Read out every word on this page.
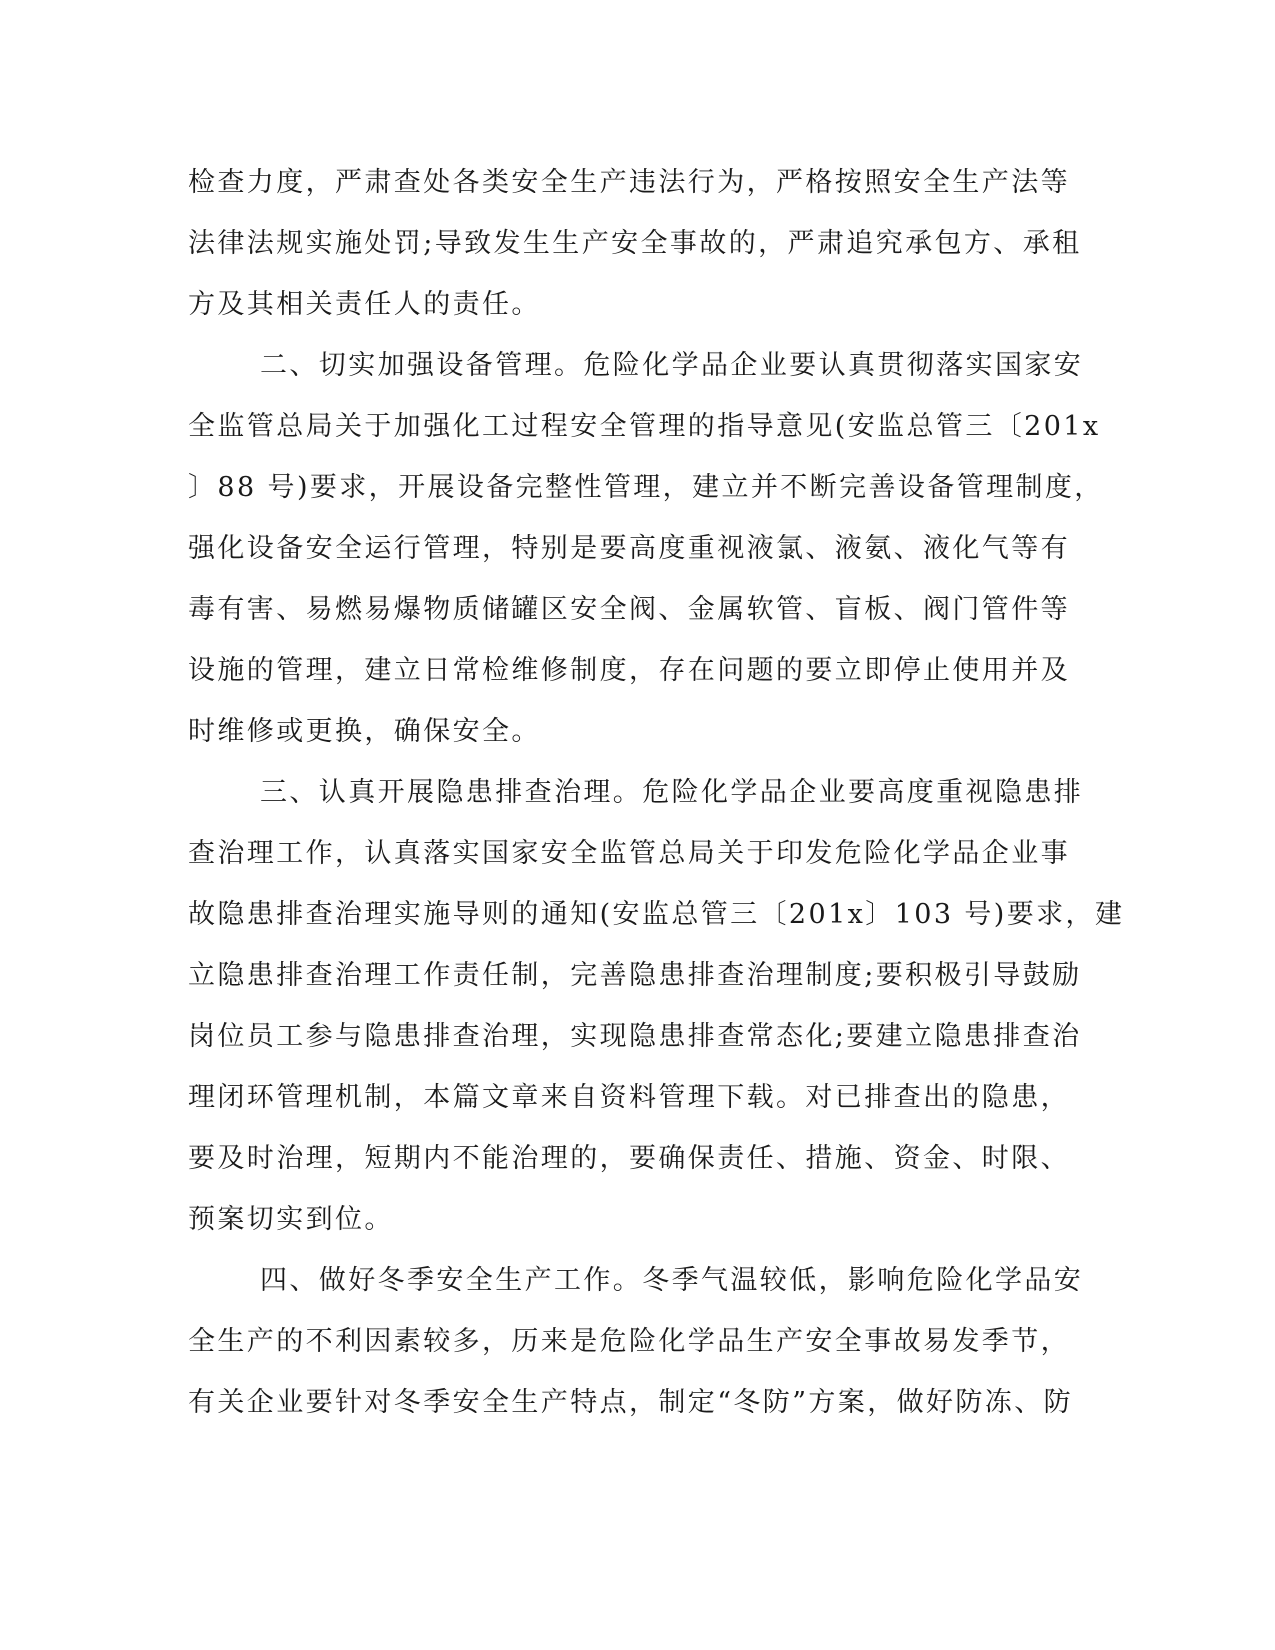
检查力度，严肃查处各类安全生产违法行为，严格按照安全生产法等
法律法规实施处罚;导致发生生产安全事故的，严肃追究承包方、承租
方及其相关责任人的责任。
二、切实加强设备管理。危险化学品企业要认真贯彻落实国家安
全监管总局关于加强化工过程安全管理的指导意见(安监总管三〔201x
〕88 号)要求，开展设备完整性管理，建立并不断完善设备管理制度，
强化设备安全运行管理，特别是要高度重视液氯、液氨、液化气等有
毒有害、易燃易爆物质储罐区安全阀、金属软管、盲板、阀门管件等
设施的管理，建立日常检维修制度，存在问题的要立即停止使用并及
时维修或更换，确保安全。
三、认真开展隐患排查治理。危险化学品企业要高度重视隐患排
查治理工作，认真落实国家安全监管总局关于印发危险化学品企业事
故隐患排查治理实施导则的通知(安监总管三〔201x〕103 号)要求，建
立隐患排查治理工作责任制，完善隐患排查治理制度;要积极引导鼓励
岗位员工参与隐患排查治理，实现隐患排查常态化;要建立隐患排查治
理闭环管理机制，本篇文章来自资料管理下载。对已排查出的隐患，
要及时治理，短期内不能治理的，要确保责任、措施、资金、时限、
预案切实到位。
四、做好冬季安全生产工作。冬季气温较低，影响危险化学品安
全生产的不利因素较多，历来是危险化学品生产安全事故易发季节，
有关企业要针对冬季安全生产特点，制定“冬防”方案，做好防冻、防
